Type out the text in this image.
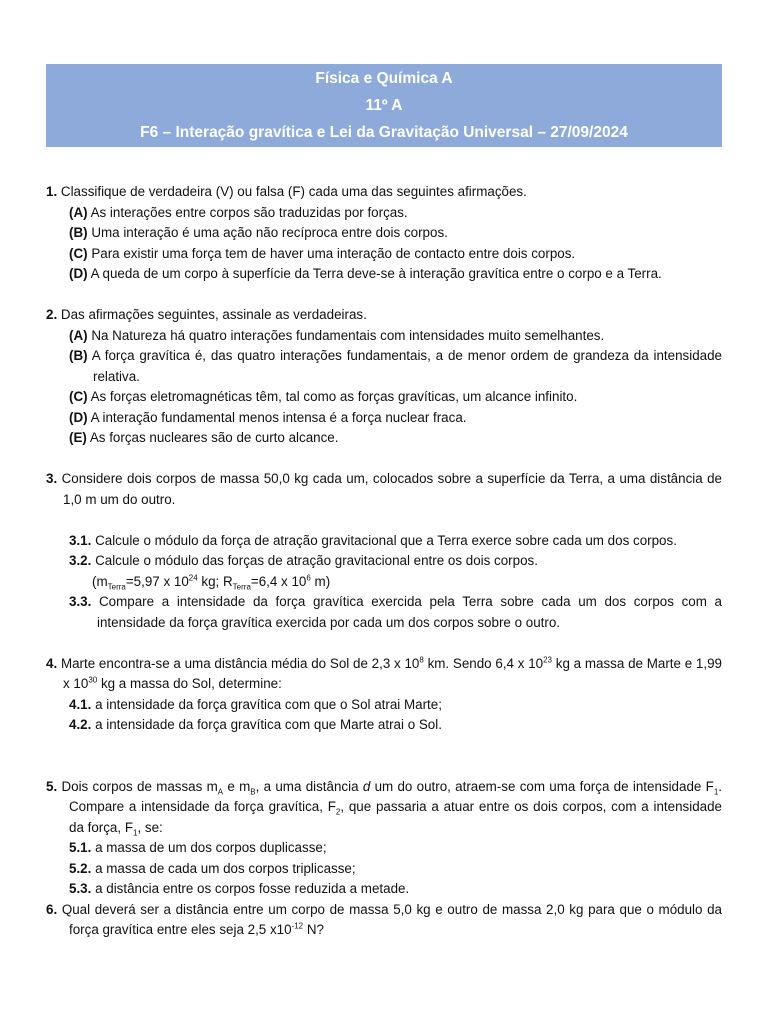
Física e Química A
11º A
F6 – Interação gravítica e Lei da Gravitação Universal – 27/09/2024

1. Classifique de verdadeira (V) ou falsa (F) cada uma das seguintes afirmações.

(A) As interações entre corpos são traduzidas por forças.

(B) Uma interação é uma ação não recíproca entre dois corpos.

(C) Para existir uma força tem de haver uma interação de contacto entre dois corpos.

(D) A queda de um corpo à superfície da Terra deve-se à interação gravítica entre o corpo e a Terra.

2. Das afirmações seguintes, assinale as verdadeiras.

(A) Na Natureza há quatro interações fundamentais com intensidades muito semelhantes.

(B) A força gravítica é, das quatro interações fundamentais, a de menor ordem de grandeza da intensidade relativa.

(C) As forças eletromagnéticas têm, tal como as forças gravíticas, um alcance infinito.

(D) A interação fundamental menos intensa é a força nuclear fraca.

(E) As forças nucleares são de curto alcance.

3. Considere dois corpos de massa 50,0 kg cada um, colocados sobre a superfície da Terra, a uma distância de 1,0 m um do outro.

3.1. Calcule o módulo da força de atração gravitacional que a Terra exerce sobre cada um dos corpos.

3.2. Calcule o módulo das forças de atração gravitacional entre os dois corpos.

($m_{Terra}=5,97$ x $10^{24}$ kg; $R_{Terra}=6,4$ x $10^6$ m)

3.3. Compare a intensidade da força gravítica exercida pela Terra sobre cada um dos corpos com a intensidade da força gravítica exercida por cada um dos corpos sobre o outro.

4. Marte encontra-se a uma distância média do Sol de 2,3 x $10^8$ km. Sendo 6,4 x $10^{23}$ kg a massa de Marte e 1,99 x $10^{30}$ kg a massa do Sol, determine:

4.1. a intensidade da força gravítica com que o Sol atrai Marte;

4.2. a intensidade da força gravítica com que Marte atrai o Sol.

5. Dois corpos de massas $m_A$ e $m_B$, a uma distância d um do outro, atraem-se com uma força de intensidade $F_1$. Compare a intensidade da força gravítica, $F_2$, que passaria a atuar entre os dois corpos, com a intensidade da força, $F_1$, se:

5.1. a massa de um dos corpos duplicasse;

5.2. a massa de cada um dos corpos triplicasse;

5.3. a distância entre os corpos fosse reduzida a metade.

6. Qual deverá ser a distância entre um corpo de massa 5,0 kg e outro de massa 2,0 kg para que o módulo da força gravítica entre eles seja 2,5 $x10^{-12}$ N?
